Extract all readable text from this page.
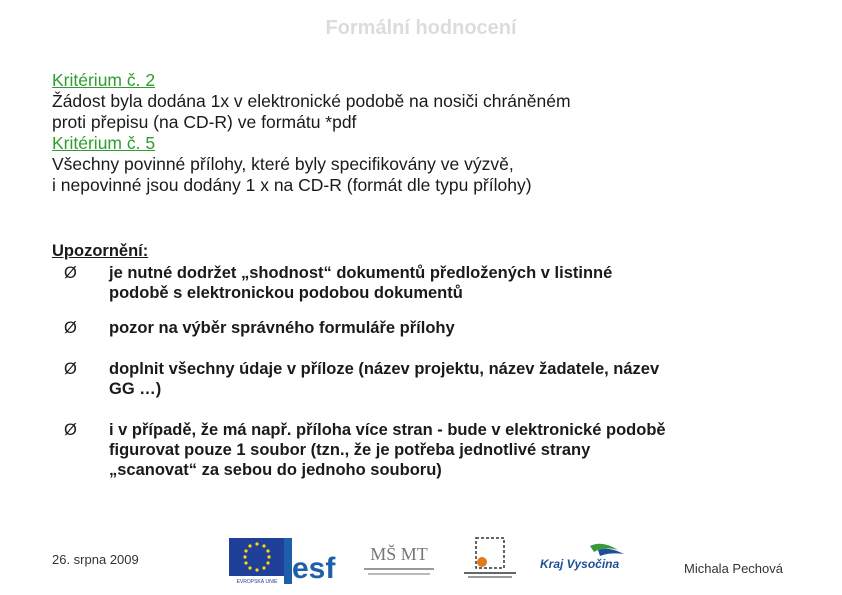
Formální hodnocení

Kritérium č. 2

Žádost byla dodána 1x v elektronické podobě na nosiči chráněném

proti přepisu (na CD-R) ve formátu *pdf

Kritérium č. 5

Všechny povinné přílohy, které byly specifikovány ve výzvě,

i nepovinné jsou dodány 1 x na CD-R (formát dle typu přílohy)

Upozornění:
Ø je nutné dodržet „shodnost“ dokumentů předložených v listinné
podobě s elektronickou podobou dokumentů
Ø pozor na výběr správného formuláře přílohy
Ø doplnit všechny údaje v příloze (název projektu, název žadatele, název
GG …)
Ø i v případě, že má např. příloha více stran - bude v elektronické podobě
figurovat pouze 1 soubor (tzn., že je potřeba jednotlivé strany
„scanovat“ za sebou do jednoho souboru)
26. srpna 2009
EVROPSKÁ UNIE esf MŠ MT	Kraj Vysočina	Michala Pechová
